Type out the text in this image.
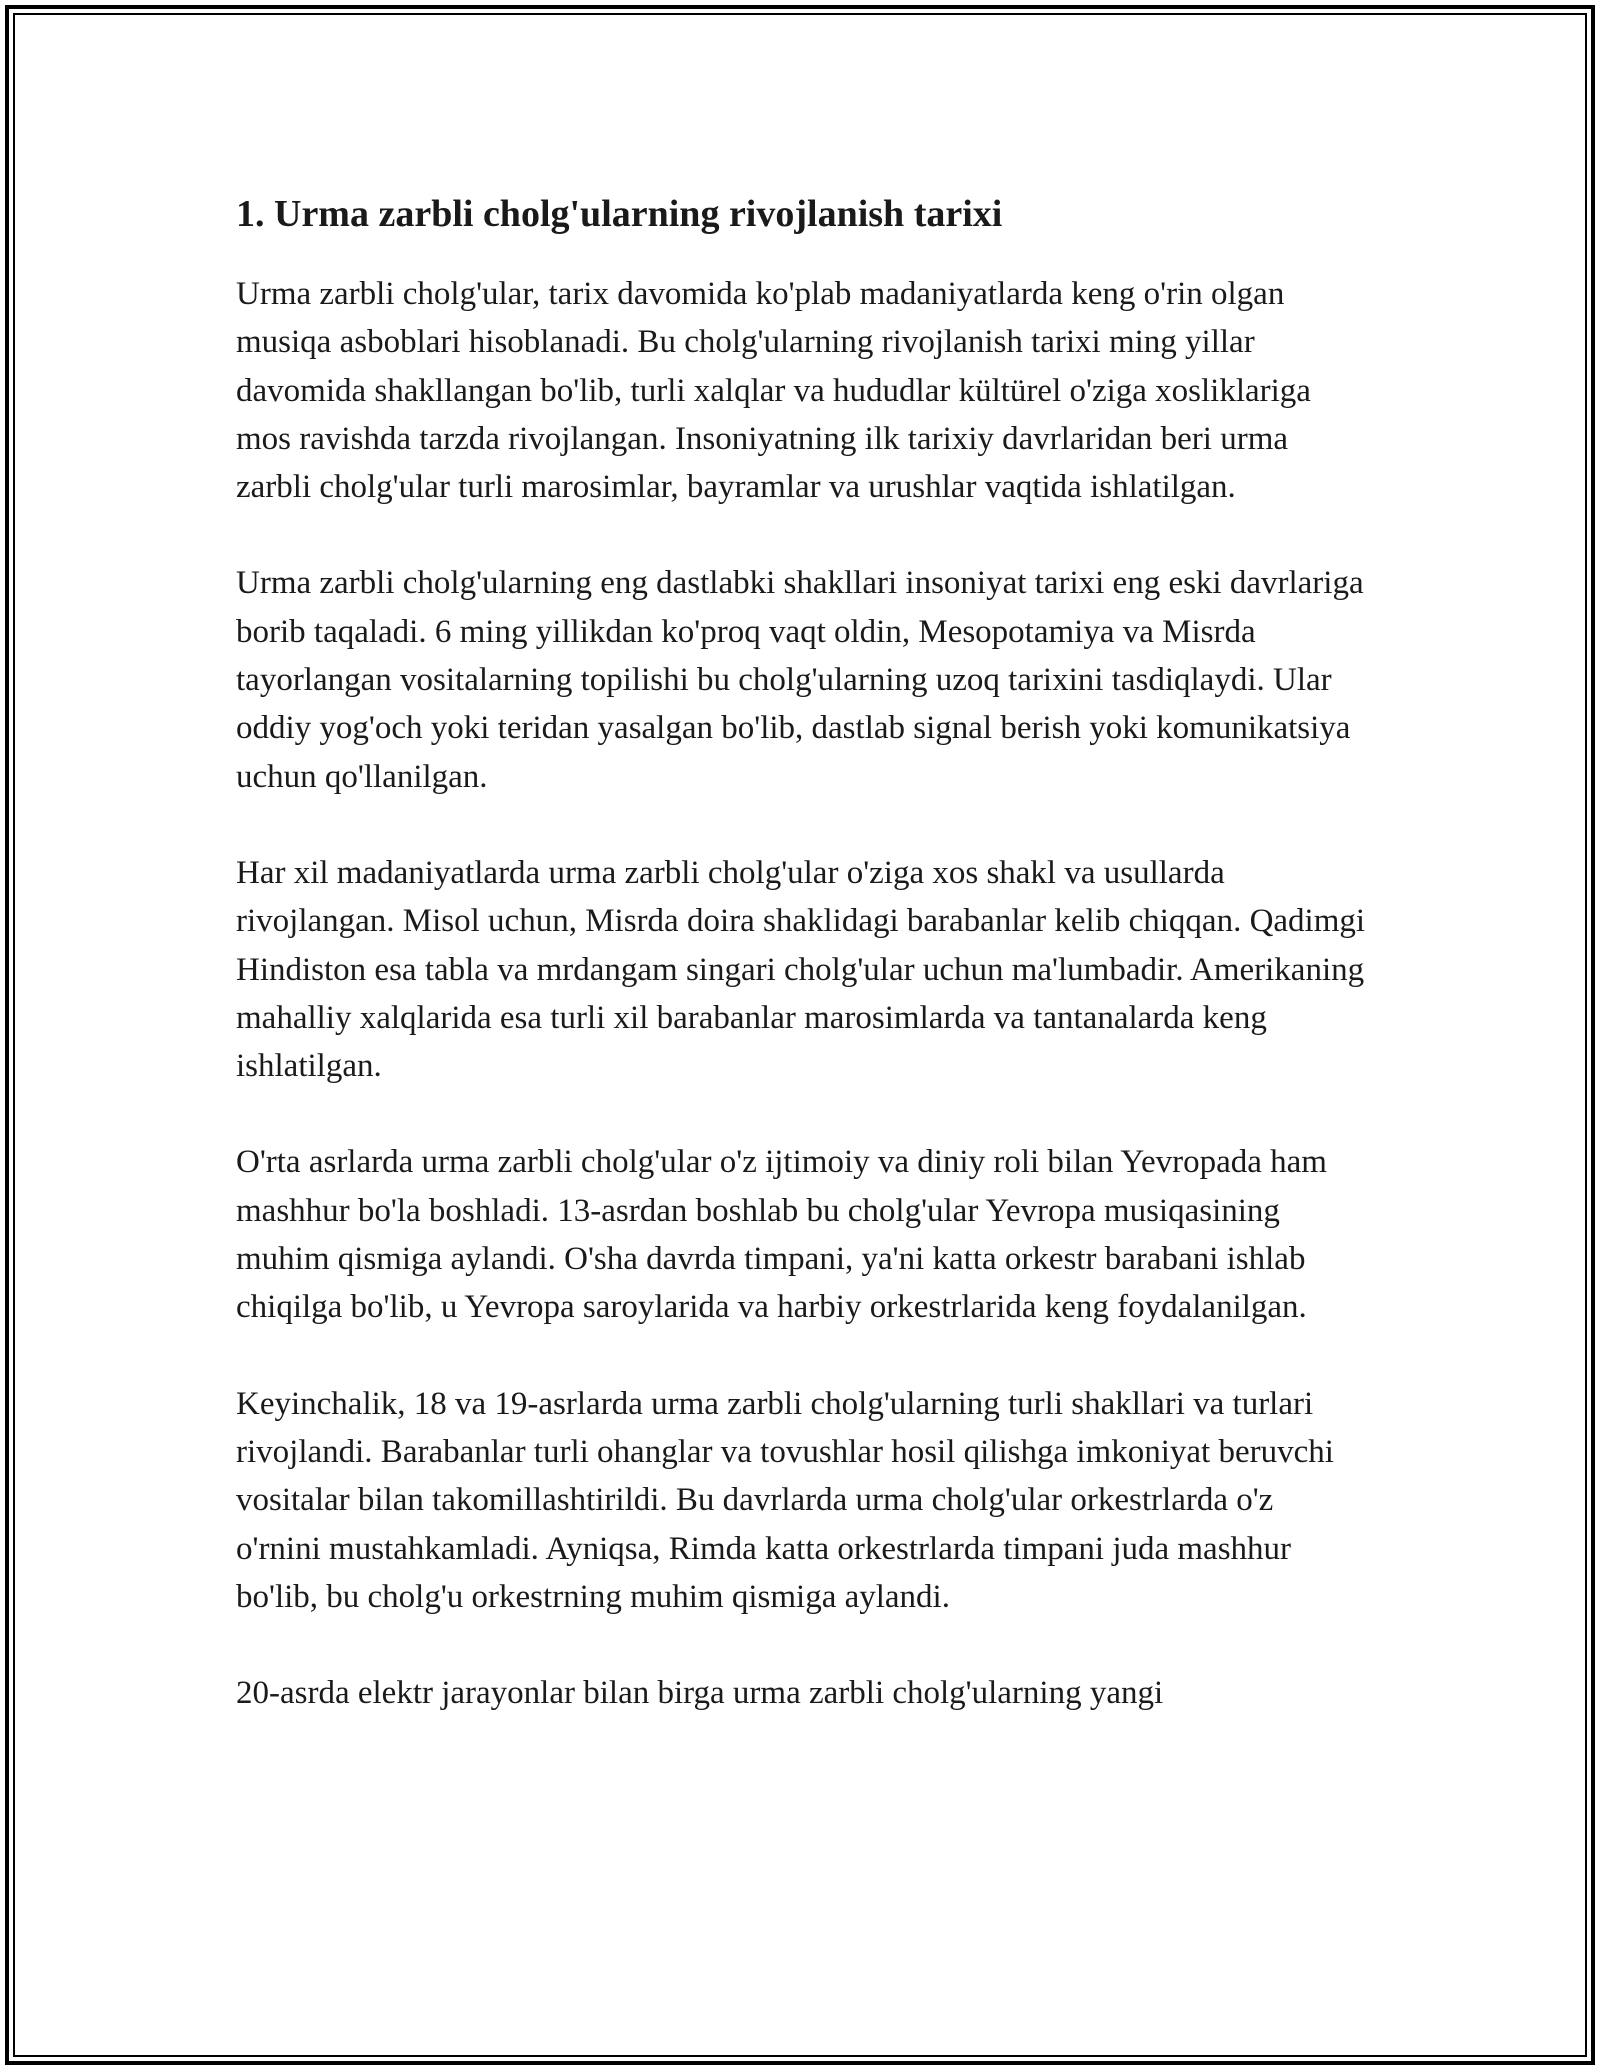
1. Urma zarbli cholg'ularning rivojlanish tarixi

Urma zarbli cholg'ular, tarix davomida ko'plab madaniyatlarda keng o'rin olgan musiqa asboblari hisoblanadi. Bu cholg'ularning rivojlanish tarixi ming yillar davomida shakllangan bo'lib, turli xalqlar va hududlar kültürel o'ziga xosliklariga mos ravishda tarzda rivojlangan. Insoniyatning ilk tarixiy davrlaridan beri urma zarbli cholg'ular turli marosimlar, bayramlar va urushlar vaqtida ishlatilgan.

Urma zarbli cholg'ularning eng dastlabki shakllari insoniyat tarixi eng eski davrlariga borib taqaladi. 6 ming yillikdan ko'proq vaqt oldin, Mesopotamiya va Misrda tayorlangan vositalarning topilishi bu cholg'ularning uzoq tarixini tasdiqlaydi. Ular oddiy yog'och yoki teridan yasalgan bo'lib, dastlab signal berish yoki komunikatsiya uchun qo'llanilgan.

Har xil madaniyatlarda urma zarbli cholg'ular o'ziga xos shakl va usullarda rivojlangan. Misol uchun, Misrda doira shaklidagi barabanlar kelib chiqqan. Qadimgi Hindiston esa tabla va mrdangam singari cholg'ular uchun ma'lumbadir. Amerikaning mahalliy xalqlarida esa turli xil barabanlar marosimlarda va tantanalarda keng ishlatilgan.

O'rta asrlarda urma zarbli cholg'ular o'z ijtimoiy va diniy roli bilan Yevropada ham mashhur bo'la boshladi. 13-asrdan boshlab bu cholg'ular Yevropa musiqasining muhim qismiga aylandi. O'sha davrda timpani, ya'ni katta orkestr barabani ishlab chiqilga bo'lib, u Yevropa saroylarida va harbiy orkestrlarida keng foydalanilgan.

Keyinchalik, 18 va 19-asrlarda urma zarbli cholg'ularning turli shakllari va turlari rivojlandi. Barabanlar turli ohanglar va tovushlar hosil qilishga imkoniyat beruvchi vositalar bilan takomillashtirildi. Bu davrlarda urma cholg'ular orkestrlarda o'z o'rnini mustahkamladi. Ayniqsa, Rimda katta orkestrlarda timpani juda mashhur bo'lib, bu cholg'u orkestrning muhim qismiga aylandi.

20-asrda elektr jarayonlar bilan birga urma zarbli cholg'ularning yangi
